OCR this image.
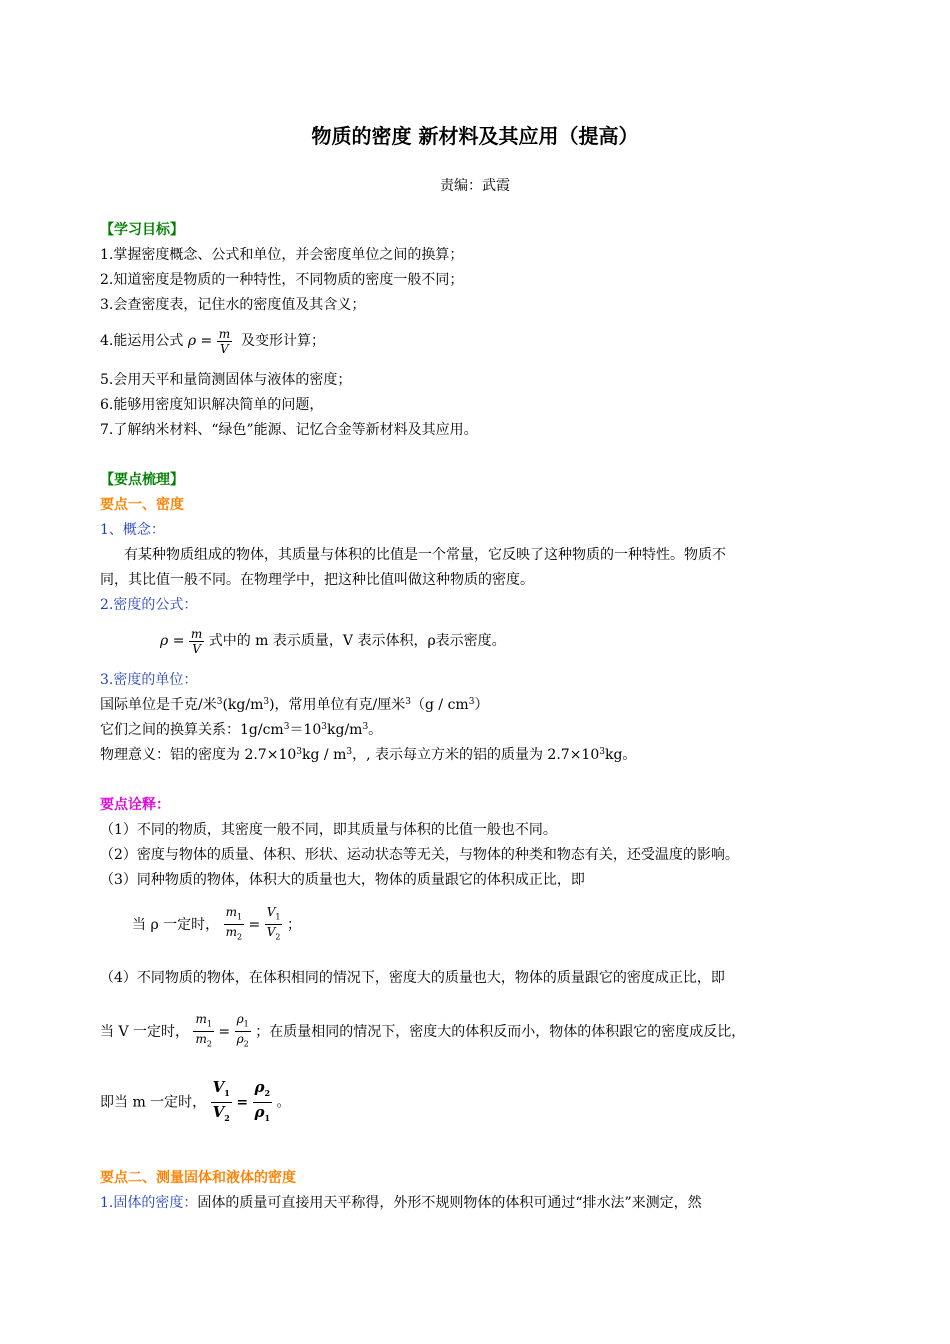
物质的密度 新材料及其应用（提高）
责编：武霞
【学习目标】
1.掌握密度概念、公式和单位，并会密度单位之间的换算；
2.知道密度是物质的一种特性，不同物质的密度一般不同；
3.会查密度表，记住水的密度值及其含义；
4.能运用公式 $\rho = \frac{m}{V}$ 及变形计算；
5.会用天平和量筒测固体与液体的密度；
6.能够用密度知识解决简单的问题，
7.了解纳米材料、“绿色”能源、记忆合金等新材料及其应用。
【要点梳理】
要点一、密度
1、概念：
有某种物质组成的物体，其质量与体积的比值是一个常量，它反映了这种物质的一种特性。物质不
同，其比值一般不同。在物理学中，把这种比值叫做这种物质的密度。
2.密度的公式：
$\rho = \frac{m}{V}$ 式中的 m 表示质量，V 表示体积，ρ表示密度。
3.密度的单位：
国际单位是千克/米$^3(kg/m^3)$，常用单位有克/厘米$^3(g / cm^3)$
它们之间的换算关系：$1g/cm^3=10^3kg/m^3$。
物理意义：铝的密度为 $2.7\times 10^3kg / m^3$，, 表示每立方米的铝的质量为 $2.7\times 10^3kg$。
要点诠释：
（1）不同的物质，其密度一般不同，即其质量与体积的比值一般也不同。
（2）密度与物体的质量、体积、形状、运动状态等无关，与物体的种类和物态有关，还受温度的影响。
（3）同种物质的物体，体积大的质量也大，物体的质量跟它的体积成正比，即
当 ρ 一定时， $\frac{m_1}{m_2} = \frac{V_1}{V_2}$ ；
（4）不同物质的物体，在体积相同的情况下，密度大的质量也大，物体的质量跟它的密度成正比，即
当 V 一定时， $\frac{m_1}{m_2} = \frac{\rho_1}{\rho_2}$ ；在质量相同的情况下，密度大的体积反而小，物体的体积跟它的密度成反比，
即当 m 一定时， $\frac{V_1}{V_2} = \frac{\rho_2}{\rho_1}$ 。
要点二、测量固体和液体的密度
1.固体的密度：固体的质量可直接用天平称得，外形不规则物体的体积可通过“排水法”来测定，然
